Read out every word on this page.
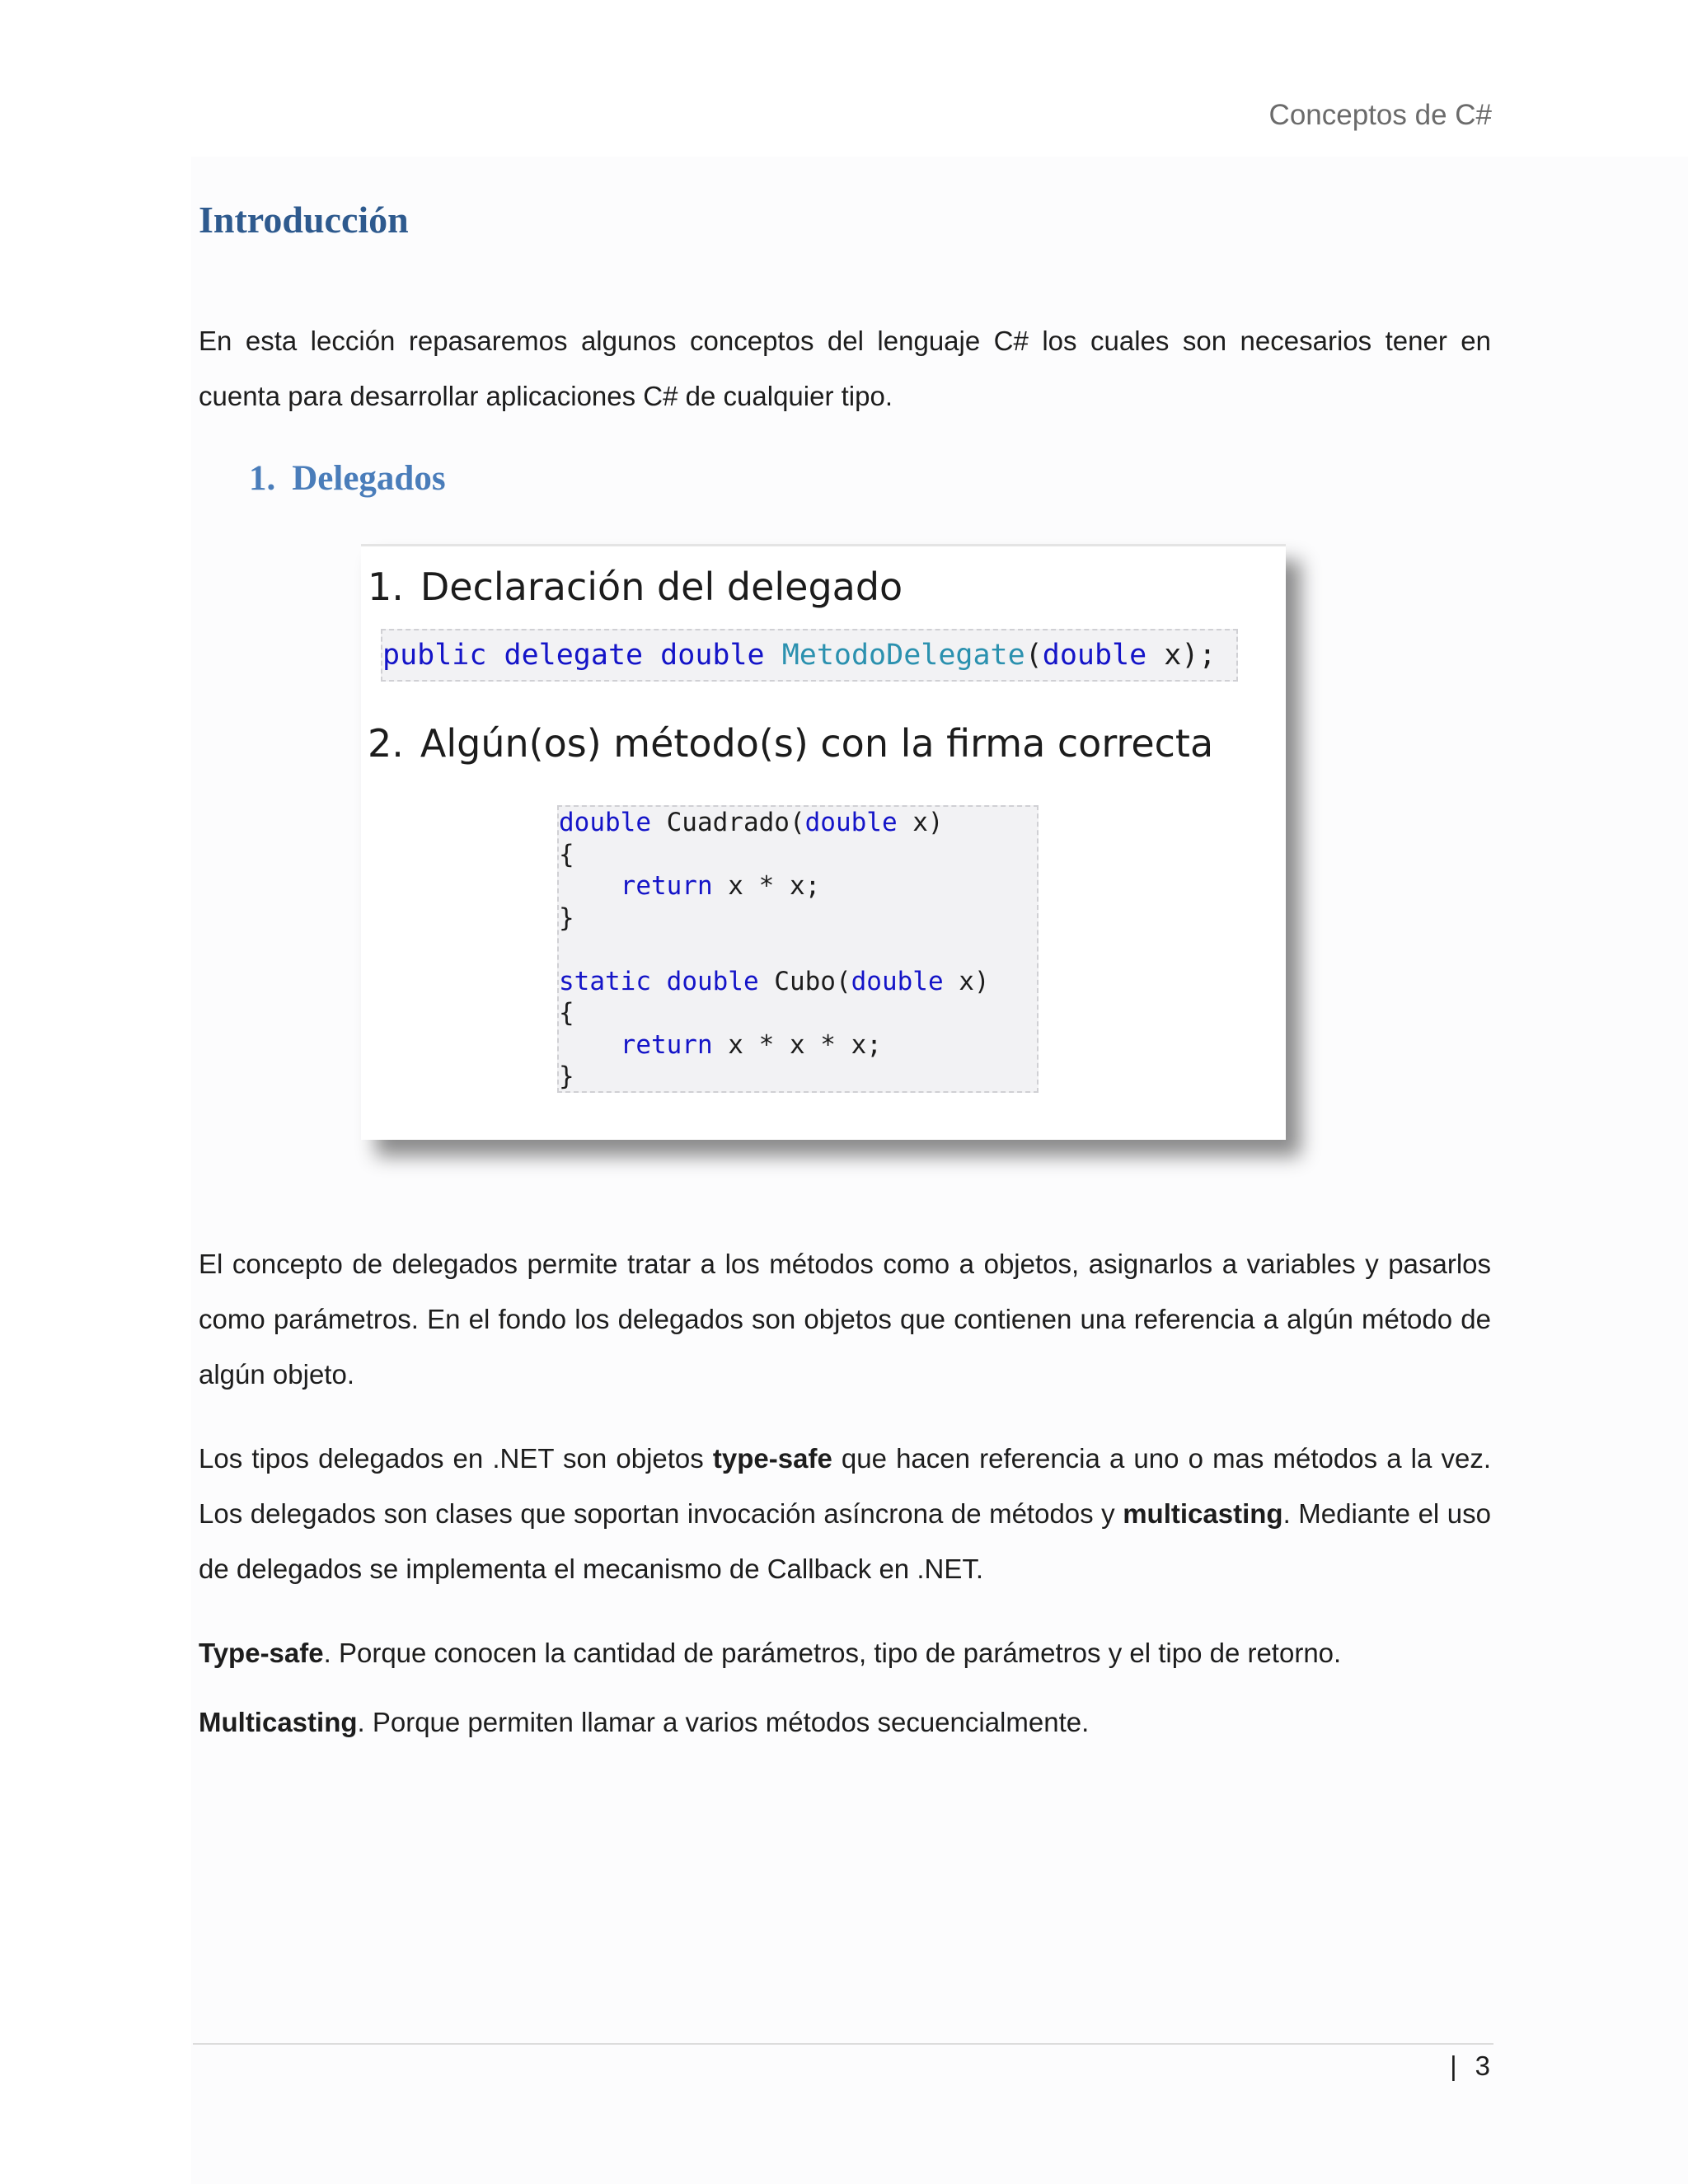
Conceptos de C#
Introducción
En esta lección repasaremos algunos conceptos del lenguaje C# los cuales son necesarios tener en cuenta para desarrollar aplicaciones C# de cualquier tipo.
1. Delegados
1. Declaración del delegado
public delegate double MetodoDelegate(double x);
2. Algún(os) método(s) con la firma correcta
double Cuadrado(double x)
{
return x * x;
}
static double Cubo(double x)
{
return x * x * x;
}
El concepto de delegados permite tratar a los métodos como a objetos, asignarlos a variables y pasarlos como parámetros. En el fondo los delegados son objetos que contienen una referencia a algún método de algún objeto.
Los tipos delegados en .NET son objetos type-safe que hacen referencia a uno o mas métodos a la vez. Los delegados son clases que soportan invocación asíncrona de métodos y multicasting. Mediante el uso de delegados se implementa el mecanismo de Callback en .NET.
Type-safe. Porque conocen la cantidad de parámetros, tipo de parámetros y el tipo de retorno.
Multicasting. Porque permiten llamar a varios métodos secuencialmente.
| 3
